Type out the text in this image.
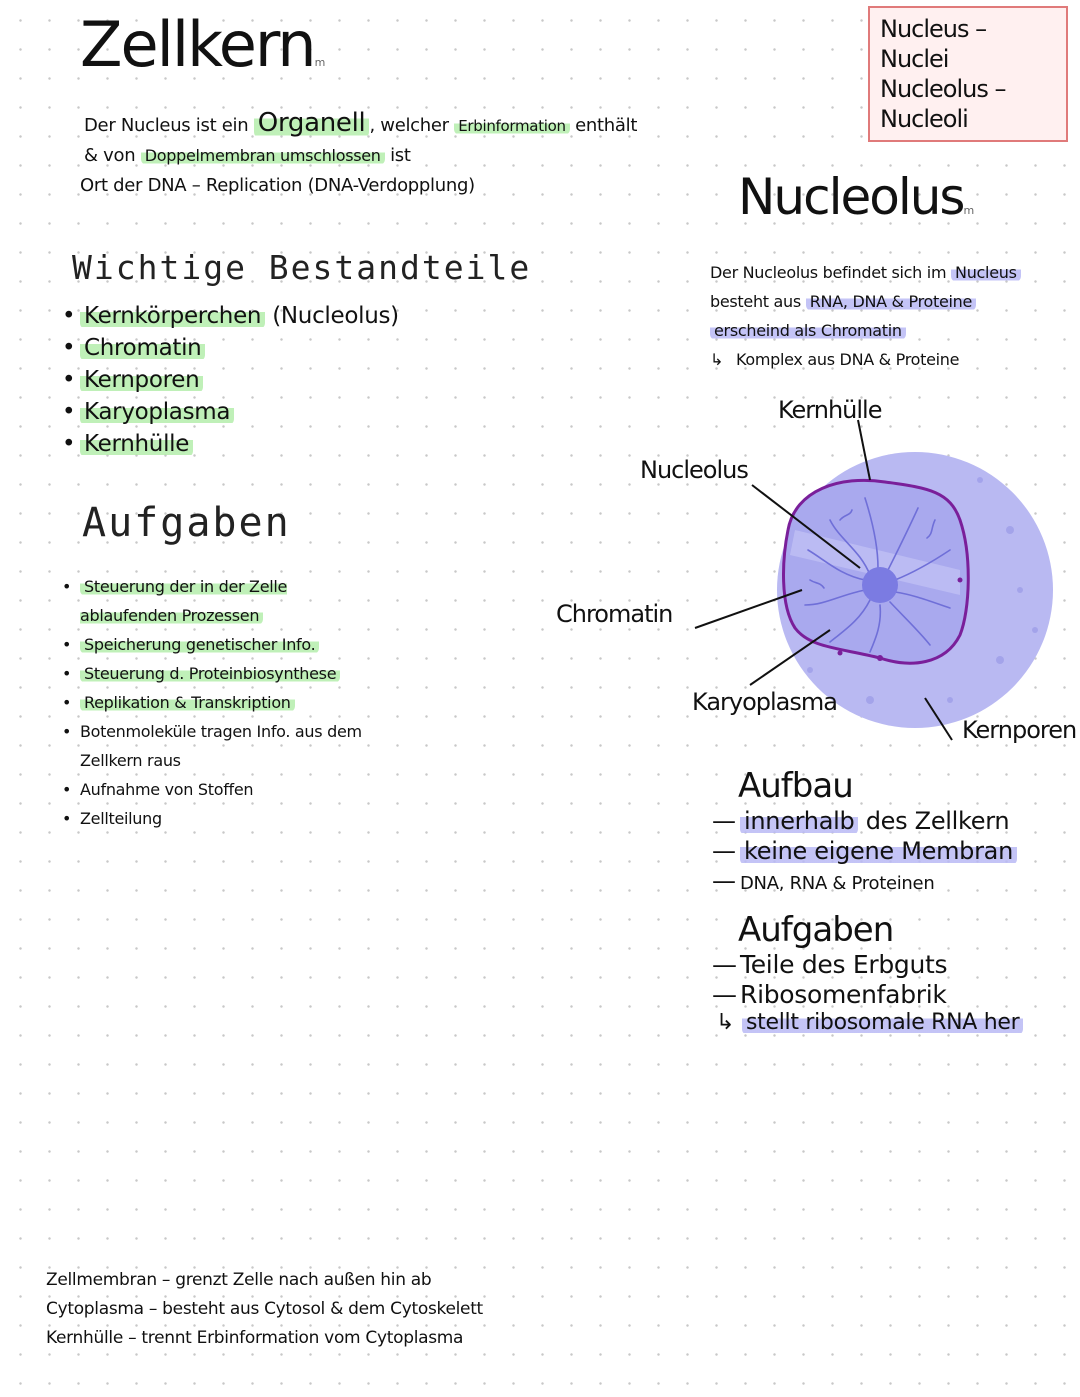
Zellkernm
Nucleus – Nuclei
Nucleolus – Nucleoli
Der Nucleus ist ein Organell , welcher Erbinformation enthält
& von Doppelmembran umschlossen ist
Ort der DNA – Replication (DNA-Verdopplung)
Wichtige Bestandteile
• Kernkörperchen (Nucleolus)
• Chromatin
• Kernporen
• Karyoplasma
• Kernhülle
Aufgaben
• Steuerung der in der Zelle ablaufenden Prozessen
• Speicherung genetischer Info.
• Steuerung d. Proteinbiosynthese
• Replikation & Transkription
• Botenmoleküle tragen Info. aus dem Zellkern raus
• Aufnahme von Stoffen
• Zellteilung
Nucleolusm
Der Nucleolus befindet sich im Nucleus
besteht aus RNA, DNA & Proteine
erscheind als Chromatin
↳ Komplex aus DNA & Proteine
Kernhülle
Nucleolus
Chromatin
Karyoplasma
Kernporen
Aufbau
— innerhalb des Zellkern
— keine eigene Membran
— DNA, RNA & Proteinen
Aufgaben
— Teile des Erbguts
— Ribosomenfabrik
↳ stellt ribosomale RNA her
Zellmembran – grenzt Zelle nach außen hin ab
Cytoplasma – besteht aus Cytosol & dem Cytoskelett
Kernhülle – trennt Erbinformation vom Cytoplasma
